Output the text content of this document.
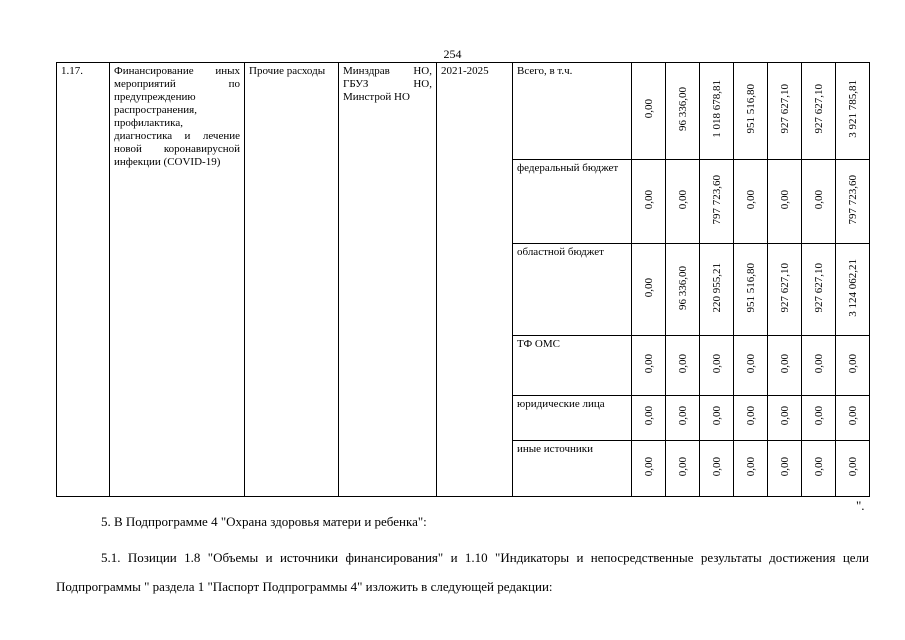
254
1.17.	Финансирование иных мероприятий по предупреждению распространения, профилактика, диагностика и лечение новой коронавирусной инфекции (COVID-19)	Прочие расходы	Минздрав НО, ГБУЗ НО, Минстрой НО	2021-2025	Всего, в т.ч.	0,00	96 336,00	1 018 678,81	951 516,80	927 627,10	927 627,10	3 921 785,81
					федеральный бюджет	0,00	0,00	797 723,60	0,00	0,00	0,00	797 723,60
					областной бюджет	0,00	96 336,00	220 955,21	951 516,80	927 627,10	927 627,10	3 124 062,21
					ТФ ОМС	0,00	0,00	0,00	0,00	0,00	0,00	0,00
					юридические лица	0,00	0,00	0,00	0,00	0,00	0,00	0,00
					иные источники	0,00	0,00	0,00	0,00	0,00	0,00	0,00
".
5. В Подпрограмме 4 "Охрана здоровья матери и ребенка":
5.1. Позиции 1.8 "Объемы и источники финансирования" и 1.10 "Индикаторы и непосредственные результаты достижения цели Подпрограммы " раздела 1 "Паспорт Подпрограммы 4" изложить в следующей редакции:
